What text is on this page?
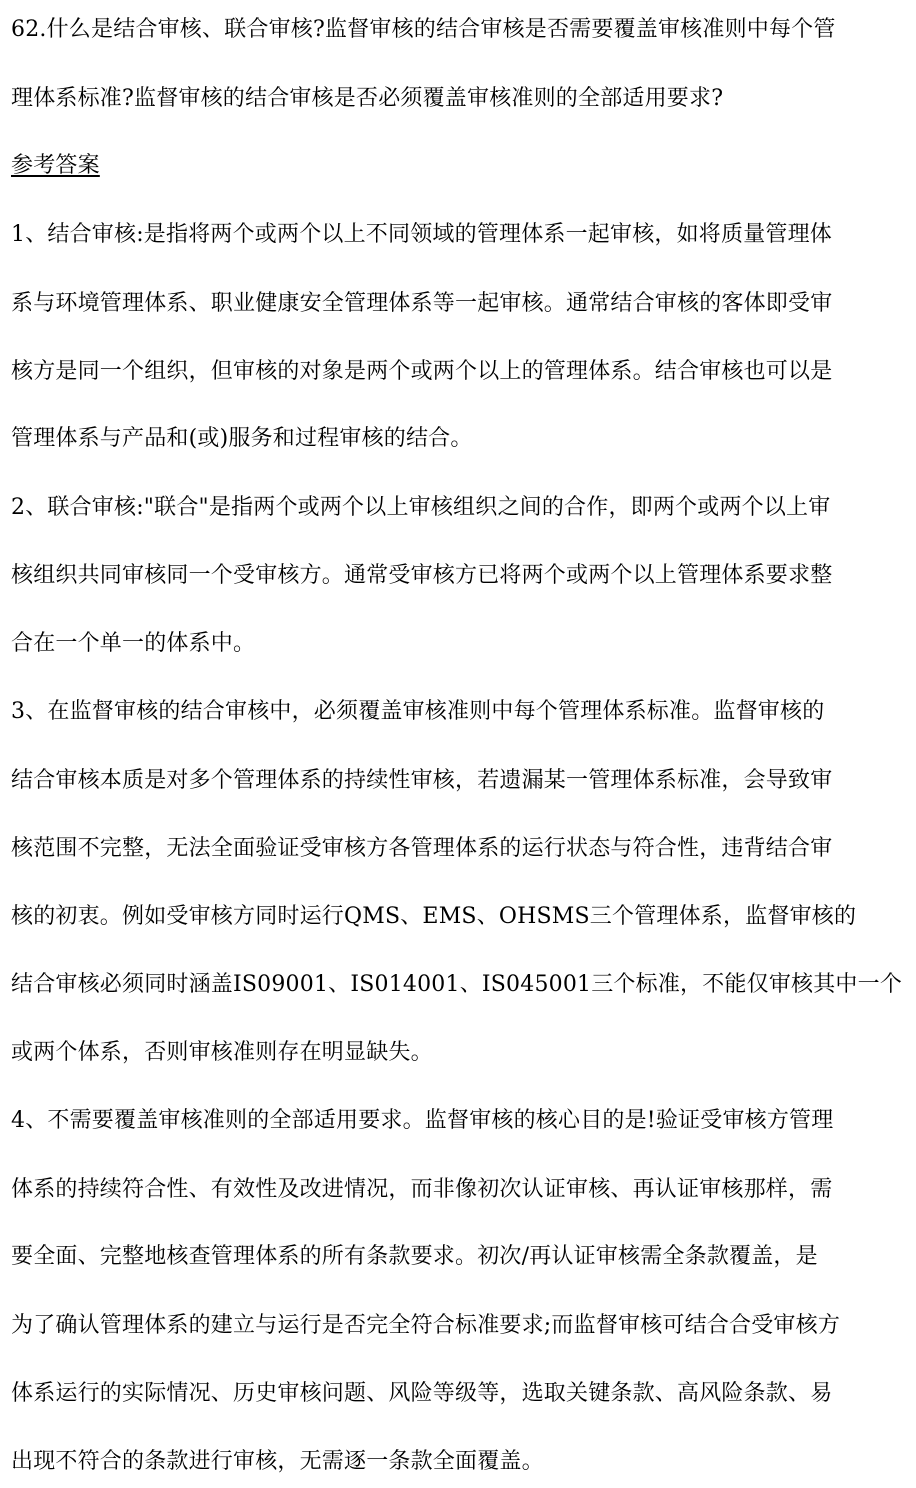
62.什么是结合审核、联合审核?监督审核的结合审核是否需要覆盖审核准则中每个管
理体系标准?监督审核的结合审核是否必须覆盖审核准则的全部适用要求?
参考答案
1、结合审核:是指将两个或两个以上不同领域的管理体系一起审核，如将质量管理体
系与环境管理体系、职业健康安全管理体系等一起审核。通常结合审核的客体即受审
核方是同一个组织，但审核的对象是两个或两个以上的管理体系。结合审核也可以是
管理体系与产品和(或)服务和过程审核的结合。
2、联合审核:"联合"是指两个或两个以上审核组织之间的合作，即两个或两个以上审
核组织共同审核同一个受审核方。通常受审核方已将两个或两个以上管理体系要求整
合在一个单一的体系中。
3、在监督审核的结合审核中，必须覆盖审核准则中每个管理体系标准。监督审核的
结合审核本质是对多个管理体系的持续性审核，若遗漏某一管理体系标准，会导致审
核范围不完整，无法全面验证受审核方各管理体系的运行状态与符合性，违背结合审
核的初衷。例如受审核方同时运行QMS、EMS、OHSMS三个管理体系，监督审核的
结合审核必须同时涵盖IS09001、IS014001、IS045001三个标准，不能仅审核其中一个
或两个体系，否则审核准则存在明显缺失。
4、不需要覆盖审核准则的全部适用要求。监督审核的核心目的是!验证受审核方管理
体系的持续符合性、有效性及改进情况，而非像初次认证审核、再认证审核那样，需
要全面、完整地核查管理体系的所有条款要求。初次/再认证审核需全条款覆盖，是
为了确认管理体系的建立与运行是否完全符合标准要求;而监督审核可结合合受审核方
体系运行的实际情况、历史审核问题、风险等级等，选取关键条款、高风险条款、易
出现不符合的条款进行审核，无需逐一条款全面覆盖。
